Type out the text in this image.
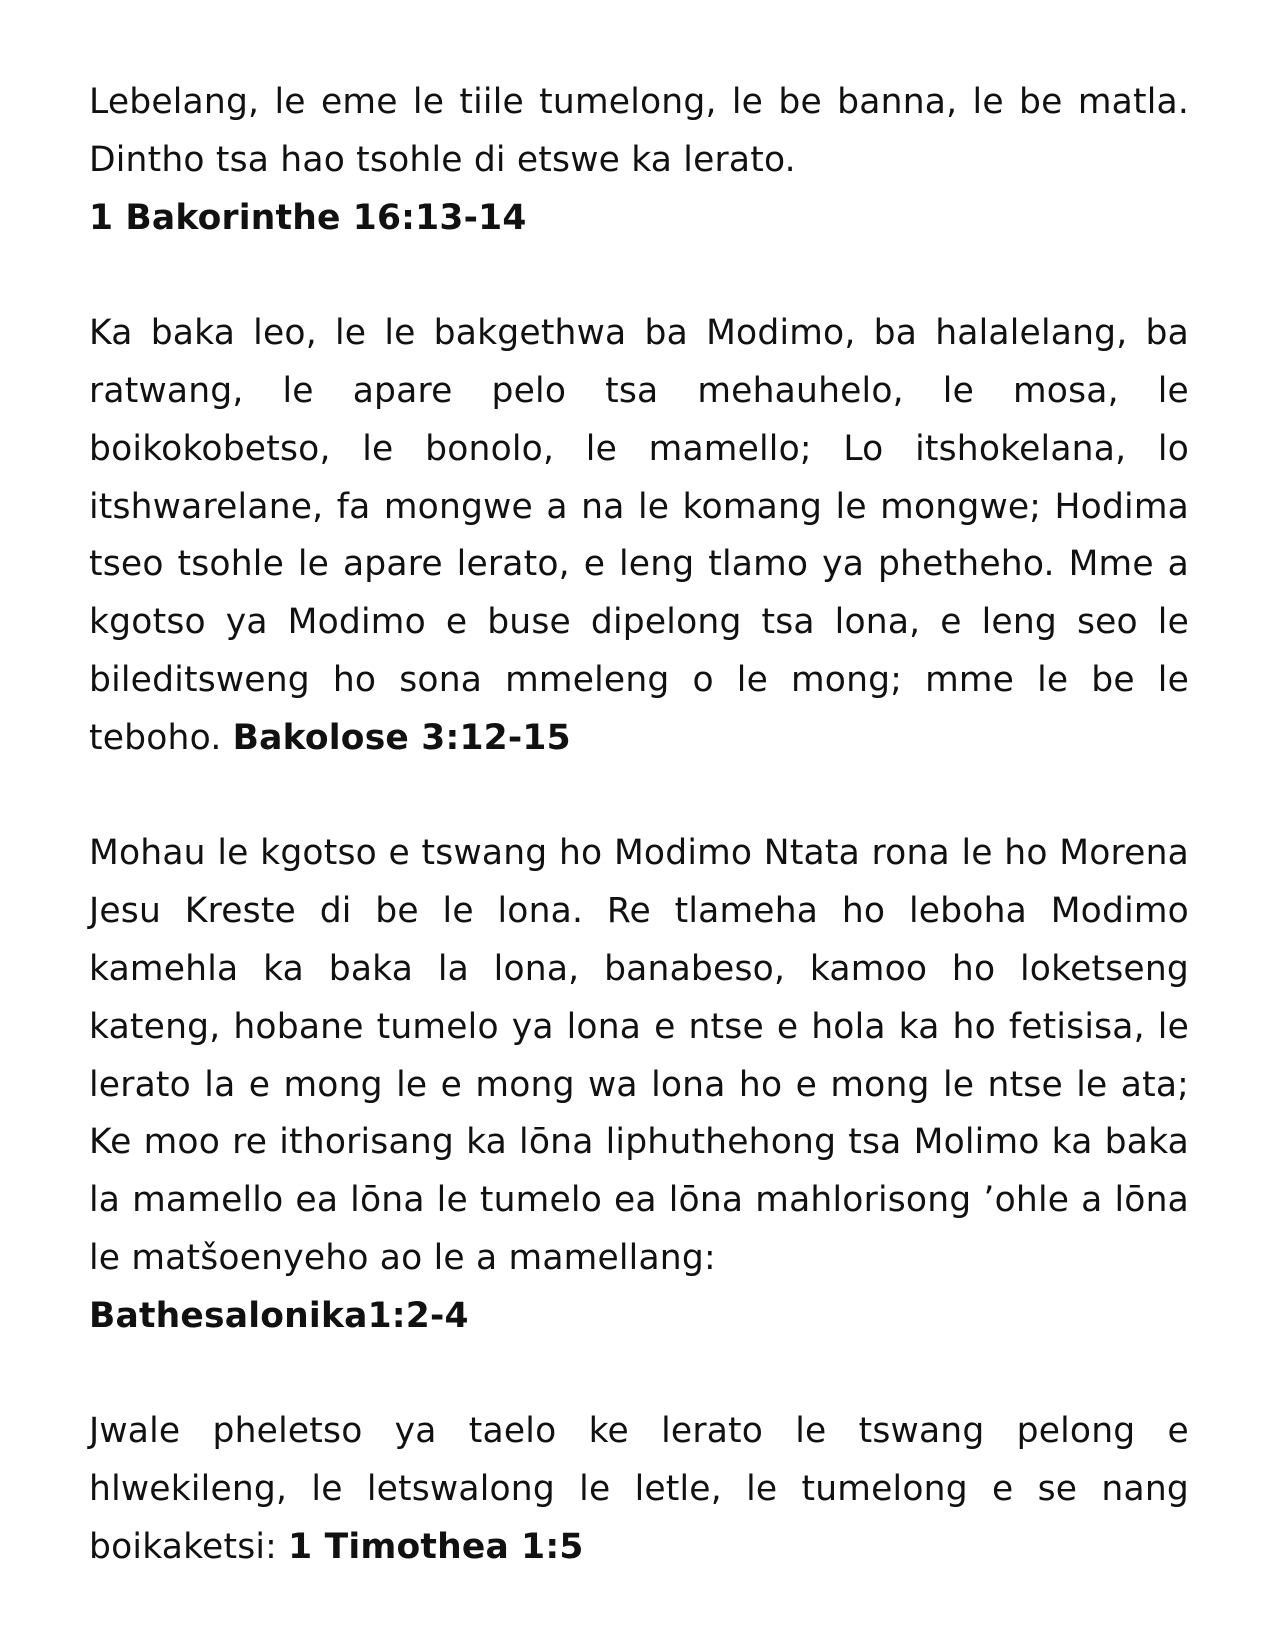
Lebelang, le eme le tiile tumelong, le be banna, le be matla. Dintho tsa hao tsohle di etswe ka lerato.
1 Bakorinthe 16:13-14

Ka baka leo, le le bakgethwa ba Modimo, ba halalelang, ba ratwang, le apare pelo tsa mehauhelo, le mosa, le boikokobetso, le bonolo, le mamello; Lo itshokelana, lo itshwarelane, fa mongwe a na le komang le mongwe; Hodima tseo tsohle le apare lerato, e leng tlamo ya phetheho. Mme a kgotso ya Modimo e buse dipelong tsa lona, e leng seo le bileditsweng ho sona mmeleng o le mong; mme le be le teboho. Bakolose 3:12-15

Mohau le kgotso e tswang ho Modimo Ntata rona le ho Morena Jesu Kreste di be le lona. Re tlameha ho leboha Modimo kamehla ka baka la lona, banabeso, kamoo ho loketseng kateng, hobane tumelo ya lona e ntse e hola ka ho fetisisa, le lerato la e mong le e mong wa lona ho e mong le ntse le ata; Ke moo re ithorisang ka lōna liphuthehong tsa Molimo ka baka la mamello ea lōna le tumelo ea lōna mahlorisong ’ohle a lōna le matšoenyeho ao le a mamellang:
Bathesalonika1:2-4

Jwale pheletso ya taelo ke lerato le tswang pelong e hlwekileng, le letswalong le letle, le tumelong e se nang boikaketsi: 1 Timothea 1:5
